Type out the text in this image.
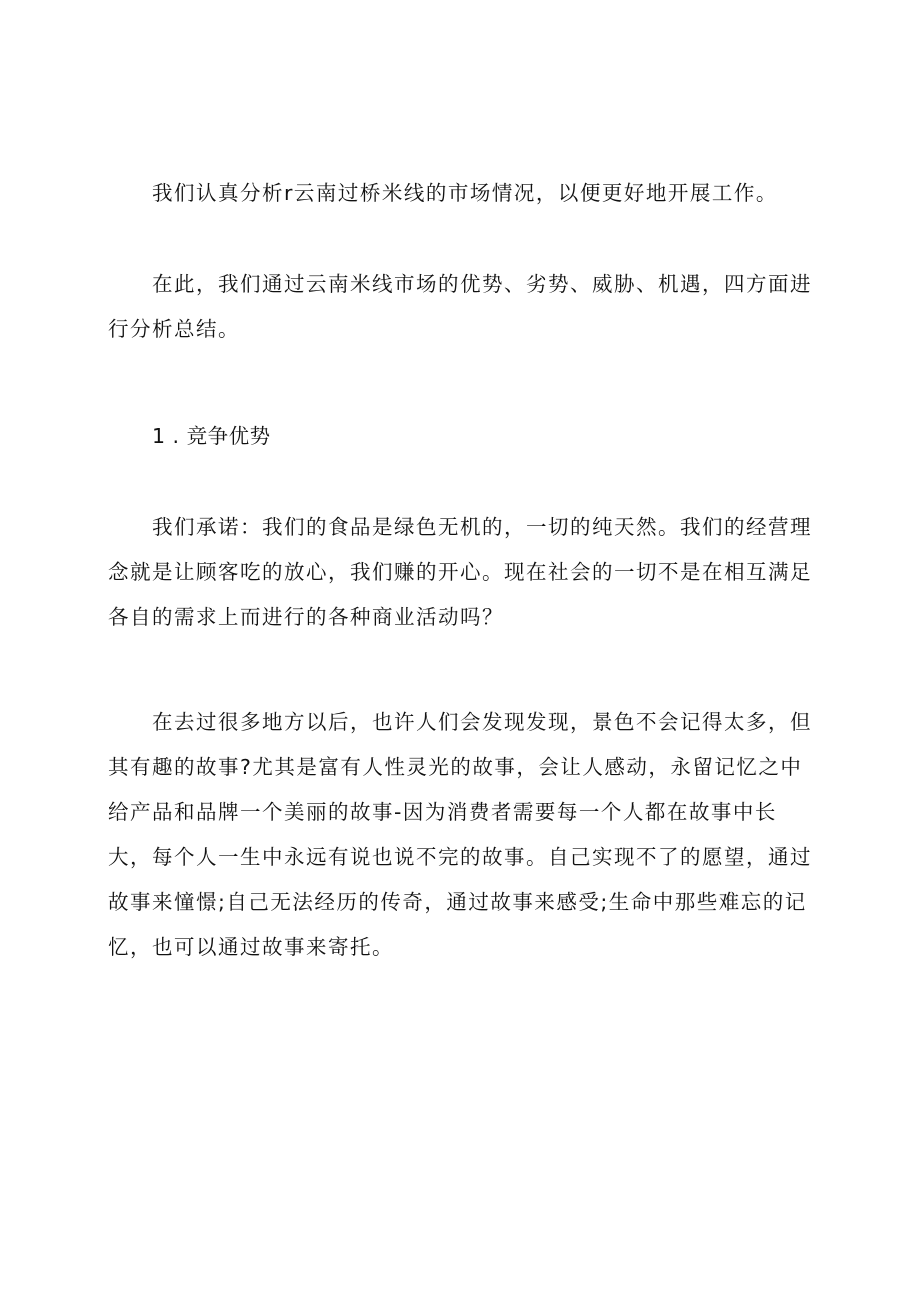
我们认真分析r云南过桥米线的市场情况，以便更好地开展工作。
在此，我们通过云南米线市场的优势、劣势、威胁、机遇，四方面进
行分析总结。
1 . 竞争优势
我们承诺：我们的食品是绿色无机的，一切的纯天然。我们的经营理
念就是让顾客吃的放心，我们赚的开心。现在社会的一切不是在相互满足
各自的需求上而进行的各种商业活动吗？
在去过很多地方以后，也许人们会发现发现，景色不会记得太多，但
其有趣的故事?尤其是富有人性灵光的故事，会让人感动，永留记忆之中
给产品和品牌一个美丽的故事-因为消费者需要每一个人都在故事中长
大，每个人一生中永远有说也说不完的故事。自己实现不了的愿望，通过
故事来憧憬;自己无法经历的传奇，通过故事来感受;生命中那些难忘的记
忆，也可以通过故事来寄托。
